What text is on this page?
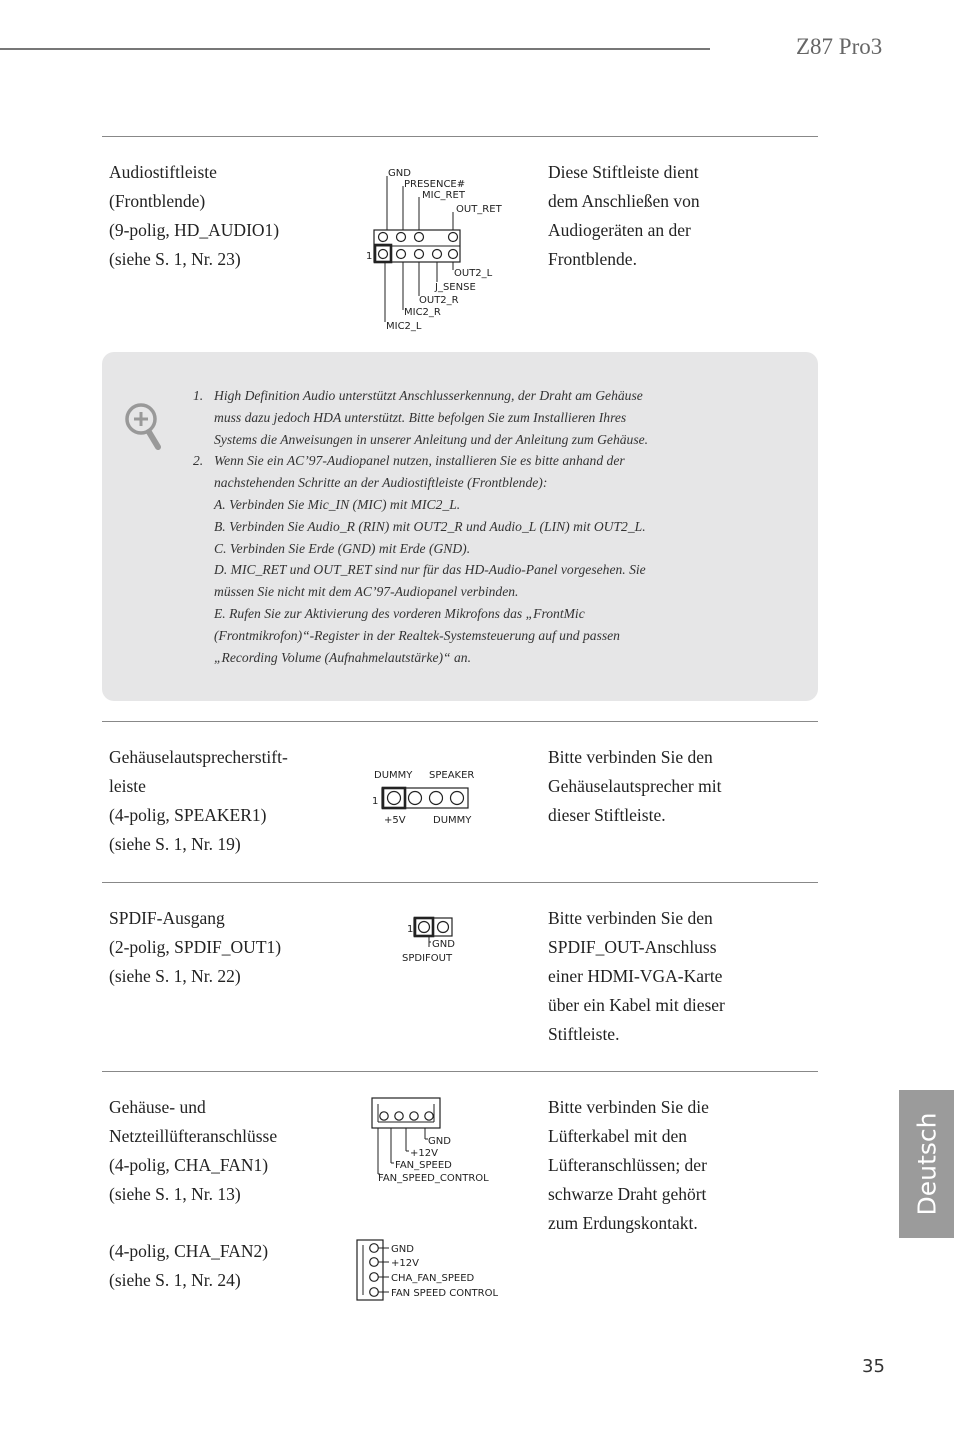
Z87 Pro3
Audiostiftleiste
(Frontblende)
(9-polig, HD_AUDIO1)
(siehe S. 1, Nr. 23)
GND
PRESENCE#
MIC_RET
OUT_RET
OUT2_L
J_SENSE
OUT2_R
MIC2_R
MIC2_L
1
Diese Stiftleiste dient
dem Anschließen von
Audiogeräten an der
Frontblende.
1. High Definition Audio unterstützt Anschlusserkennung, der Draht am Gehäuse
muss dazu jedoch HDA unterstützt. Bitte befolgen Sie zum Installieren Ihres
Systems die Anweisungen in unserer Anleitung und der Anleitung zum Gehäuse.
2. Wenn Sie ein AC’97-Audiopanel nutzen, installieren Sie es bitte anhand der
nachstehenden Schritte an der Audiostiftleiste (Frontblende):
A. Verbinden Sie Mic_IN (MIC) mit MIC2_L.
B. Verbinden Sie Audio_R (RIN) mit OUT2_R und Audio_L (LIN) mit OUT2_L.
C. Verbinden Sie Erde (GND) mit Erde (GND).
D. MIC_RET und OUT_RET sind nur für das HD-Audio-Panel vorgesehen. Sie
müssen Sie nicht mit dem AC’97-Audiopanel verbinden.
E. Rufen Sie zur Aktivierung des vorderen Mikrofons das „FrontMic
(Frontmikrofon)“-Register in der Realtek-Systemsteuerung auf und passen
„Recording Volume (Aufnahmelautstärke)“ an.
Gehäuselautsprecherstift-
leiste
(4-polig, SPEAKER1)
(siehe S. 1, Nr. 19)
DUMMY SPEAKER
1
+5V	DUMMY
Bitte verbinden Sie den
Gehäuselautsprecher mit
dieser Stiftleiste.
SPDIF-Ausgang
(2-polig, SPDIF_OUT1)
(siehe S. 1, Nr. 22)
1
GND
SPDIFOUT
Bitte verbinden Sie den
SPDIF_OUT-Anschluss
einer HDMI-VGA-Karte
über ein Kabel mit dieser
Stiftleiste.
Gehäuse- und
Netzteillüfteranschlüsse
(4-polig, CHA_FAN1)
(siehe S. 1, Nr. 13)
(4-polig, CHA_FAN2)
(siehe S. 1, Nr. 24)
GND
+12V
FAN_SPEED
FAN_SPEED_CONTROL
GND
+12V
CHA_FAN_SPEED
FAN SPEED CONTROL
Bitte verbinden Sie die
Lüfterkabel mit den
Lüfteranschlüssen; der
schwarze Draht gehört
zum Erdungskontakt.
Deutsch
35
